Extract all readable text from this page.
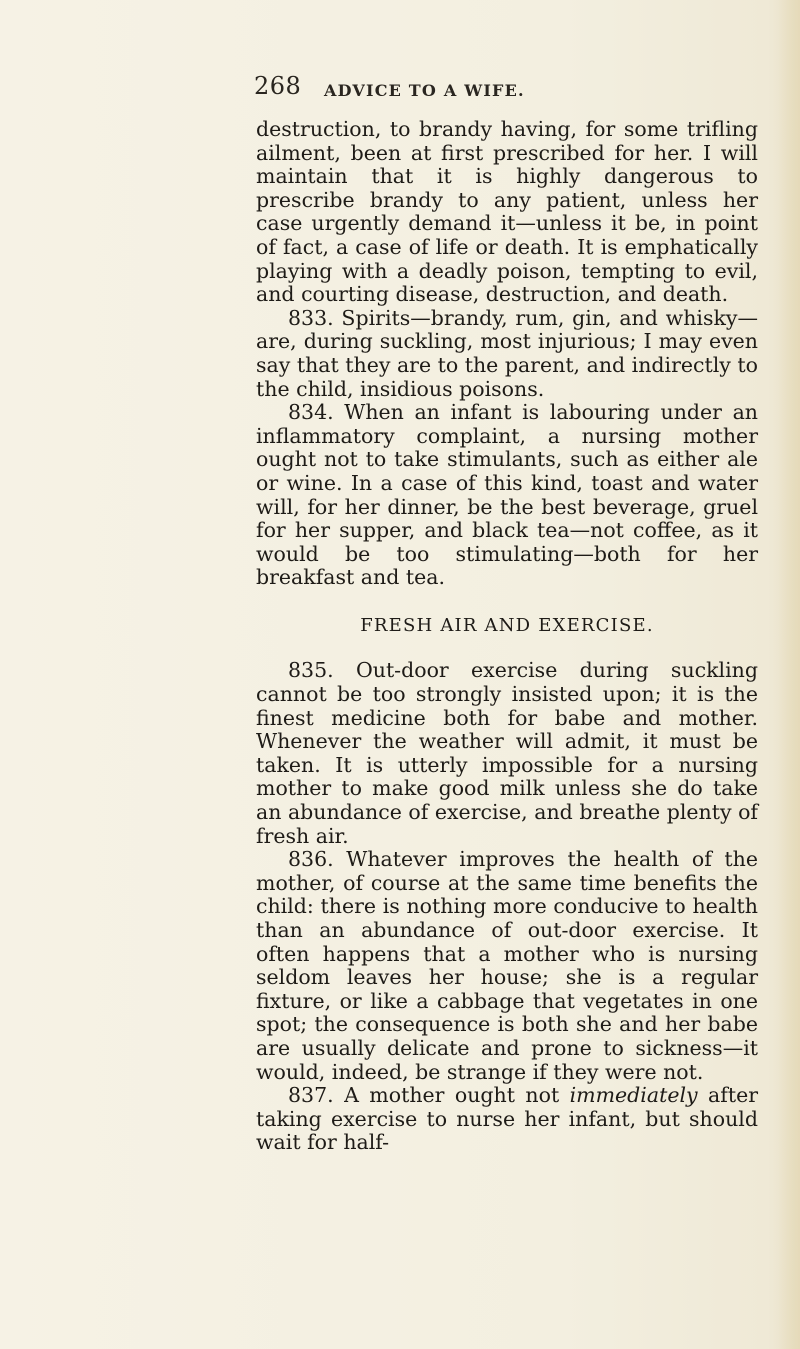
268 ADVICE TO A WIFE.

destruction, to brandy having, for some trifling ailment, been at first prescribed for her. I will maintain that it is highly dangerous to prescribe brandy to any patient, unless her case urgently demand it—unless it be, in point of fact, a case of life or death. It is emphatically playing with a deadly poison, tempting to evil, and courting disease, destruction, and death.

833. Spirits—brandy, rum, gin, and whisky—are, during suckling, most injurious; I may even say that they are to the parent, and indirectly to the child, insidious poisons.

834. When an infant is labouring under an inflammatory complaint, a nursing mother ought not to take stimulants, such as either ale or wine. In a case of this kind, toast and water will, for her dinner, be the best beverage, gruel for her supper, and black tea—not coffee, as it would be too stimulating—both for her breakfast and tea.

FRESH AIR AND EXERCISE.

835. Out-door exercise during suckling cannot be too strongly insisted upon; it is the finest medicine both for babe and mother. Whenever the weather will admit, it must be taken. It is utterly impossible for a nursing mother to make good milk unless she do take an abundance of exercise, and breathe plenty of fresh air.

836. Whatever improves the health of the mother, of course at the same time benefits the child: there is nothing more conducive to health than an abundance of out-door exercise. It often happens that a mother who is nursing seldom leaves her house; she is a regular fixture, or like a cabbage that vegetates in one spot; the consequence is both she and her babe are usually delicate and prone to sickness—it would, indeed, be strange if they were not.

837. A mother ought not immediately after taking exercise to nurse her infant, but should wait for half-
